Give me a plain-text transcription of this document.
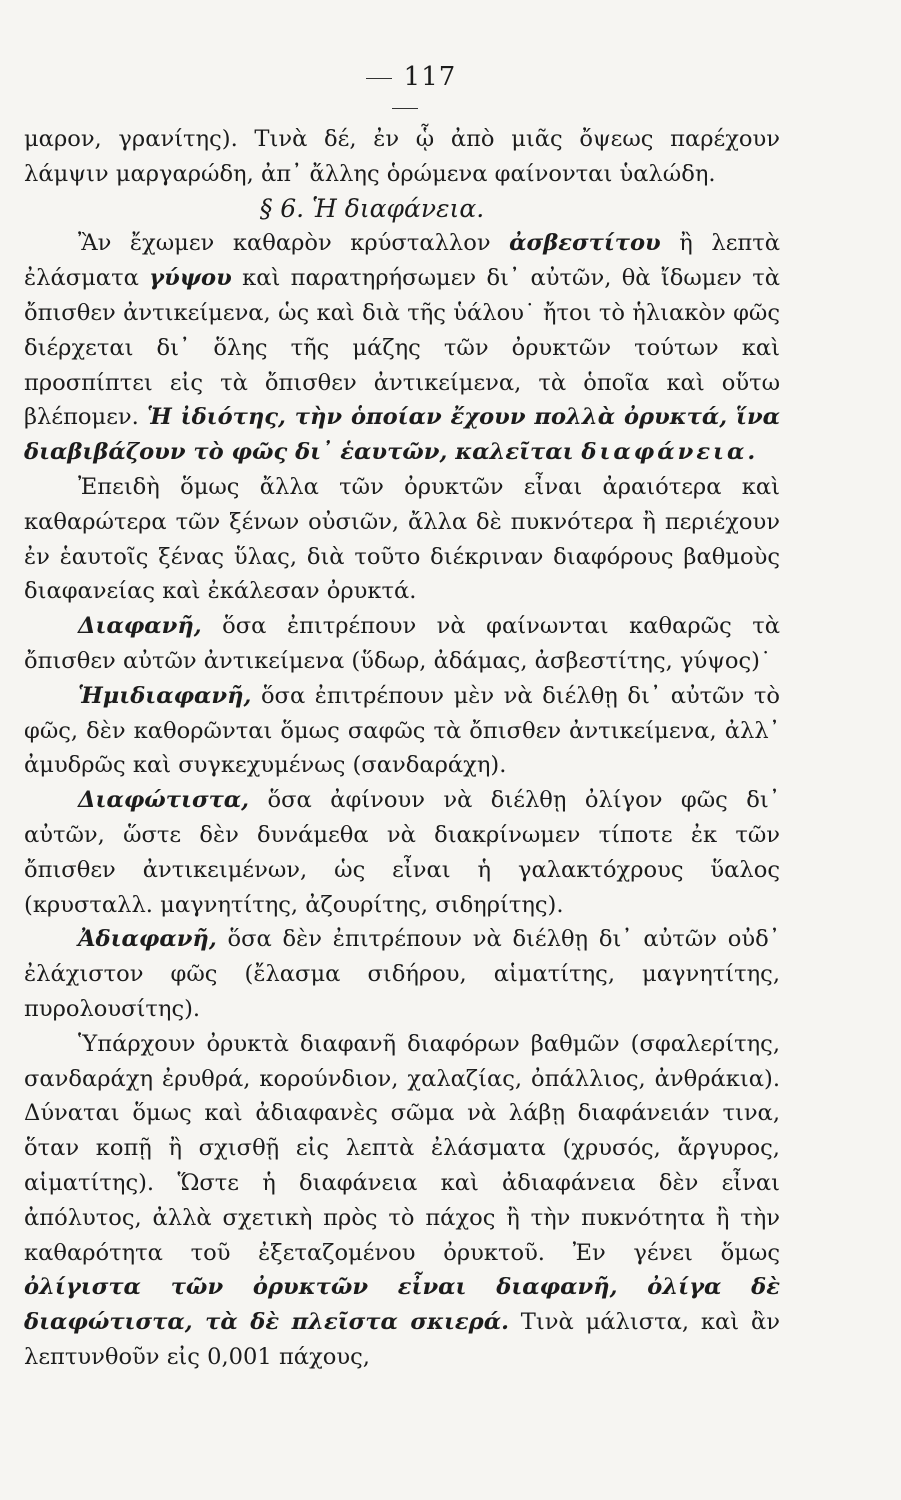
117

μαρον, γρανίτης). Τινὰ δέ, ἐν ᾧ ἀπὸ μιᾶς ὄψεως παρέχουν λάμψιν μαργαρώδη, ἀπ᾽ ἄλλης ὁρώμενα φαίνονται ὑαλώδη.

§ 6. Ἡ διαφάνεια.

Ἂν ἔχωμεν καθαρὸν κρύσταλλον ἀσβεστίτου ἢ λεπτὰ ἐλάσματα γύψου καὶ παρατηρήσωμεν δι᾽ αὐτῶν, θὰ ἴδωμεν τὰ ὄπισθεν ἀντικείμενα, ὡς καὶ διὰ τῆς ὑάλου˙ ἤτοι τὸ ἡλιακὸν φῶς διέρχεται δι᾽ ὅλης τῆς μάζης τῶν ὀρυκτῶν τούτων καὶ προσπίπτει εἰς τὰ ὄπισθεν ἀντικείμενα, τὰ ὁποῖα καὶ οὕτω βλέπομεν. Ἡ ἰδιότης, τὴν ὁποίαν ἔχουν πολλὰ ὀρυκτά, ἵνα διαβιβάζουν τὸ φῶς δι᾽ ἑαυτῶν, καλεῖται διαφάνεια.

Ἐπειδὴ ὅμως ἄλλα τῶν ὀρυκτῶν εἶναι ἀραιότερα καὶ καθαρώτερα τῶν ξένων οὐσιῶν, ἄλλα δὲ πυκνότερα ἢ περιέχουν ἐν ἑαυτοῖς ξένας ὕλας, διὰ τοῦτο διέκριναν διαφόρους βαθμοὺς διαφανείας καὶ ἐκάλεσαν ὀρυκτά.

Διαφανῆ, ὅσα ἐπιτρέπουν νὰ φαίνωνται καθαρῶς τὰ ὄπισθεν αὐτῶν ἀντικείμενα (ὕδωρ, ἀδάμας, ἀσβεστίτης, γύψος)˙

Ἡμιδιαφανῆ, ὅσα ἐπιτρέπουν μὲν νὰ διέλθῃ δι᾽ αὐτῶν τὸ φῶς, δὲν καθορῶνται ὅμως σαφῶς τὰ ὄπισθεν ἀντικείμενα, ἀλλ᾽ ἀμυδρῶς καὶ συγκεχυμένως (σανδαράχη).

Διαφώτιστα, ὅσα ἀφίνουν νὰ διέλθῃ ὀλίγον φῶς δι᾽ αὐτῶν, ὥστε δὲν δυνάμεθα νὰ διακρίνωμεν τίποτε ἐκ τῶν ὄπισθεν ἀντικειμένων, ὡς εἶναι ἡ γαλακτόχρους ὕαλος (κρυσταλλ. μαγνητίτης, ἀζουρίτης, σιδηρίτης).

Ἀδιαφανῆ, ὅσα δὲν ἐπιτρέπουν νὰ διέλθῃ δι᾽ αὐτῶν οὐδ᾽ ἐλάχιστον φῶς (ἔλασμα σιδήρου, αἱματίτης, μαγνητίτης, πυρολουσίτης).

Ὑπάρχουν ὀρυκτὰ διαφανῆ διαφόρων βαθμῶν (σφαλερίτης, σανδαράχη ἐρυθρά, κορούνδιον, χαλαζίας, ὀπάλλιος, ἀνθράκια). Δύναται ὅμως καὶ ἀδιαφανὲς σῶμα νὰ λάβῃ διαφάνειάν τινα, ὅταν κοπῇ ἢ σχισθῇ εἰς λεπτὰ ἐλάσματα (χρυσός, ἄργυρος, αἱματίτης). Ὥστε ἡ διαφάνεια καὶ ἀδιαφάνεια δὲν εἶναι ἀπόλυτος, ἀλλὰ σχετικὴ πρὸς τὸ πάχος ἢ τὴν πυκνότητα ἢ τὴν καθαρότητα τοῦ ἐξεταζομένου ὀρυκτοῦ. Ἐν γένει ὅμως ὀλίγιστα τῶν ὀρυκτῶν εἶναι διαφανῆ, ὀλίγα δὲ διαφώτιστα, τὰ δὲ πλεῖστα σκιερά. Τινὰ μάλιστα, καὶ ἂν λεπτυνθοῦν εἰς 0,001 πάχους,
